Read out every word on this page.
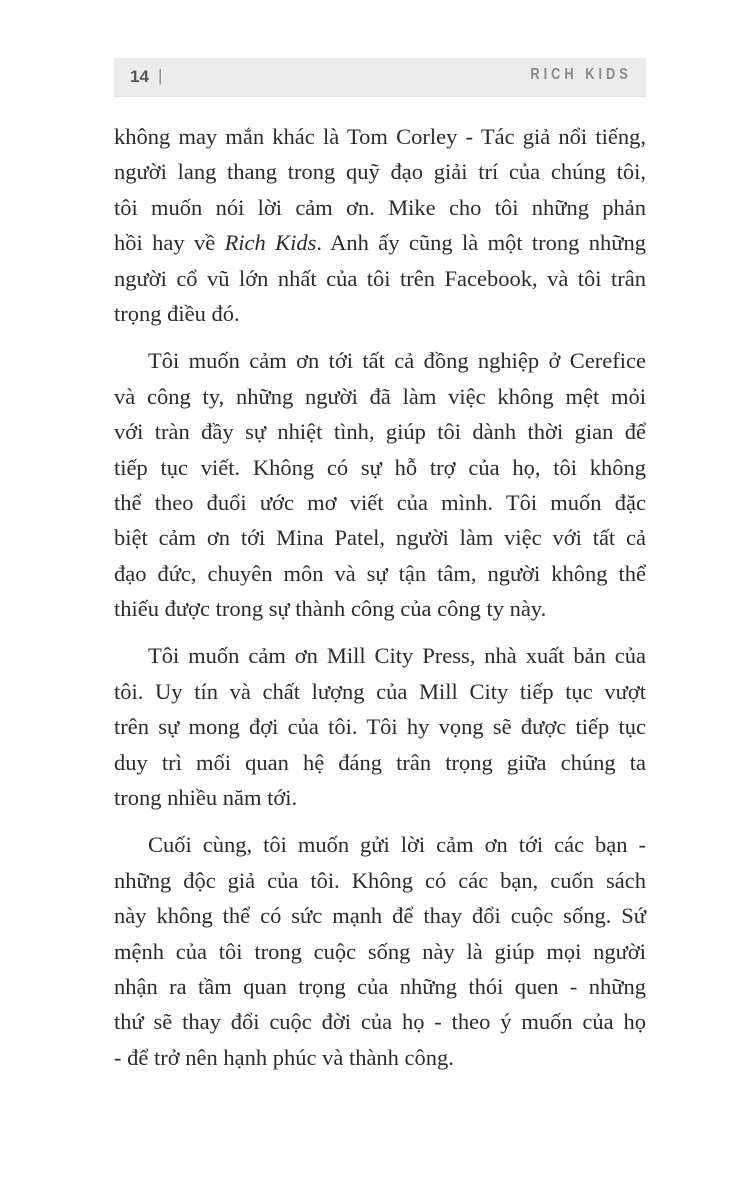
14 |	RICH KIDS
không may mắn khác là Tom Corley - Tác giả nổi tiếng,
người lang thang trong quỹ đạo giải trí của chúng tôi,
tôi muốn nói lời cảm ơn. Mike cho tôi những phản
hồi hay về Rich Kids. Anh ấy cũng là một trong những
người cổ vũ lớn nhất của tôi trên Facebook, và tôi trân
trọng điều đó.
Tôi muốn cảm ơn tới tất cả đồng nghiệp ở Cerefice
và công ty, những người đã làm việc không mệt mỏi
với tràn đầy sự nhiệt tình, giúp tôi dành thời gian để
tiếp tục viết. Không có sự hỗ trợ của họ, tôi không
thể theo đuổi ước mơ viết của mình. Tôi muốn đặc
biệt cảm ơn tới Mina Patel, người làm việc với tất cả
đạo đức, chuyên môn và sự tận tâm, người không thể
thiếu được trong sự thành công của công ty này.
Tôi muốn cảm ơn Mill City Press, nhà xuất bản của
tôi. Uy tín và chất lượng của Mill City tiếp tục vượt
trên sự mong đợi của tôi. Tôi hy vọng sẽ được tiếp tục
duy trì mối quan hệ đáng trân trọng giữa chúng ta
trong nhiều năm tới.
Cuối cùng, tôi muốn gửi lời cảm ơn tới các bạn -
những độc giả của tôi. Không có các bạn, cuốn sách
này không thể có sức mạnh để thay đổi cuộc sống. Sứ
mệnh của tôi trong cuộc sống này là giúp mọi người
nhận ra tầm quan trọng của những thói quen - những
thứ sẽ thay đổi cuộc đời của họ - theo ý muốn của họ
- để trở nên hạnh phúc và thành công.
